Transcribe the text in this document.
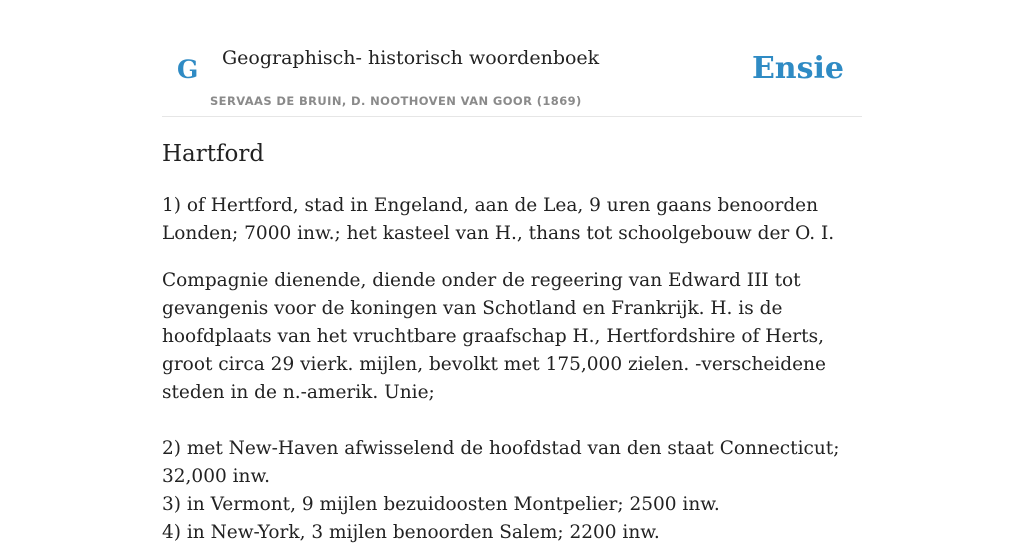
G Geographisch- historisch woordenboek
SERVAAS DE BRUIN, D. NOOTHOVEN VAN GOOR (1869)
Ensie
Hartford

1) of Hertford, stad in Engeland, aan de Lea, 9 uren gaans benoorden Londen; 7000 inw.; het kasteel van H., thans tot schoolgebouw der O. I.

Compagnie dienende, diende onder de regeering van Edward III tot gevangenis voor de koningen van Schotland en Frankrijk. H. is de hoofdplaats van het vruchtbare graafschap H., Hertfordshire of Herts, groot circa 29 vierk. mijlen, bevolkt met 175,000 zielen. -verscheidene steden in de n.-amerik. Unie;

2) met New-Haven afwisselend de hoofdstad van den staat Connecticut; 32,000 inw.
3) in Vermont, 9 mijlen bezuidoosten Montpelier; 2500 inw.
4) in New-York, 3 mijlen benoorden Salem; 2200 inw.
